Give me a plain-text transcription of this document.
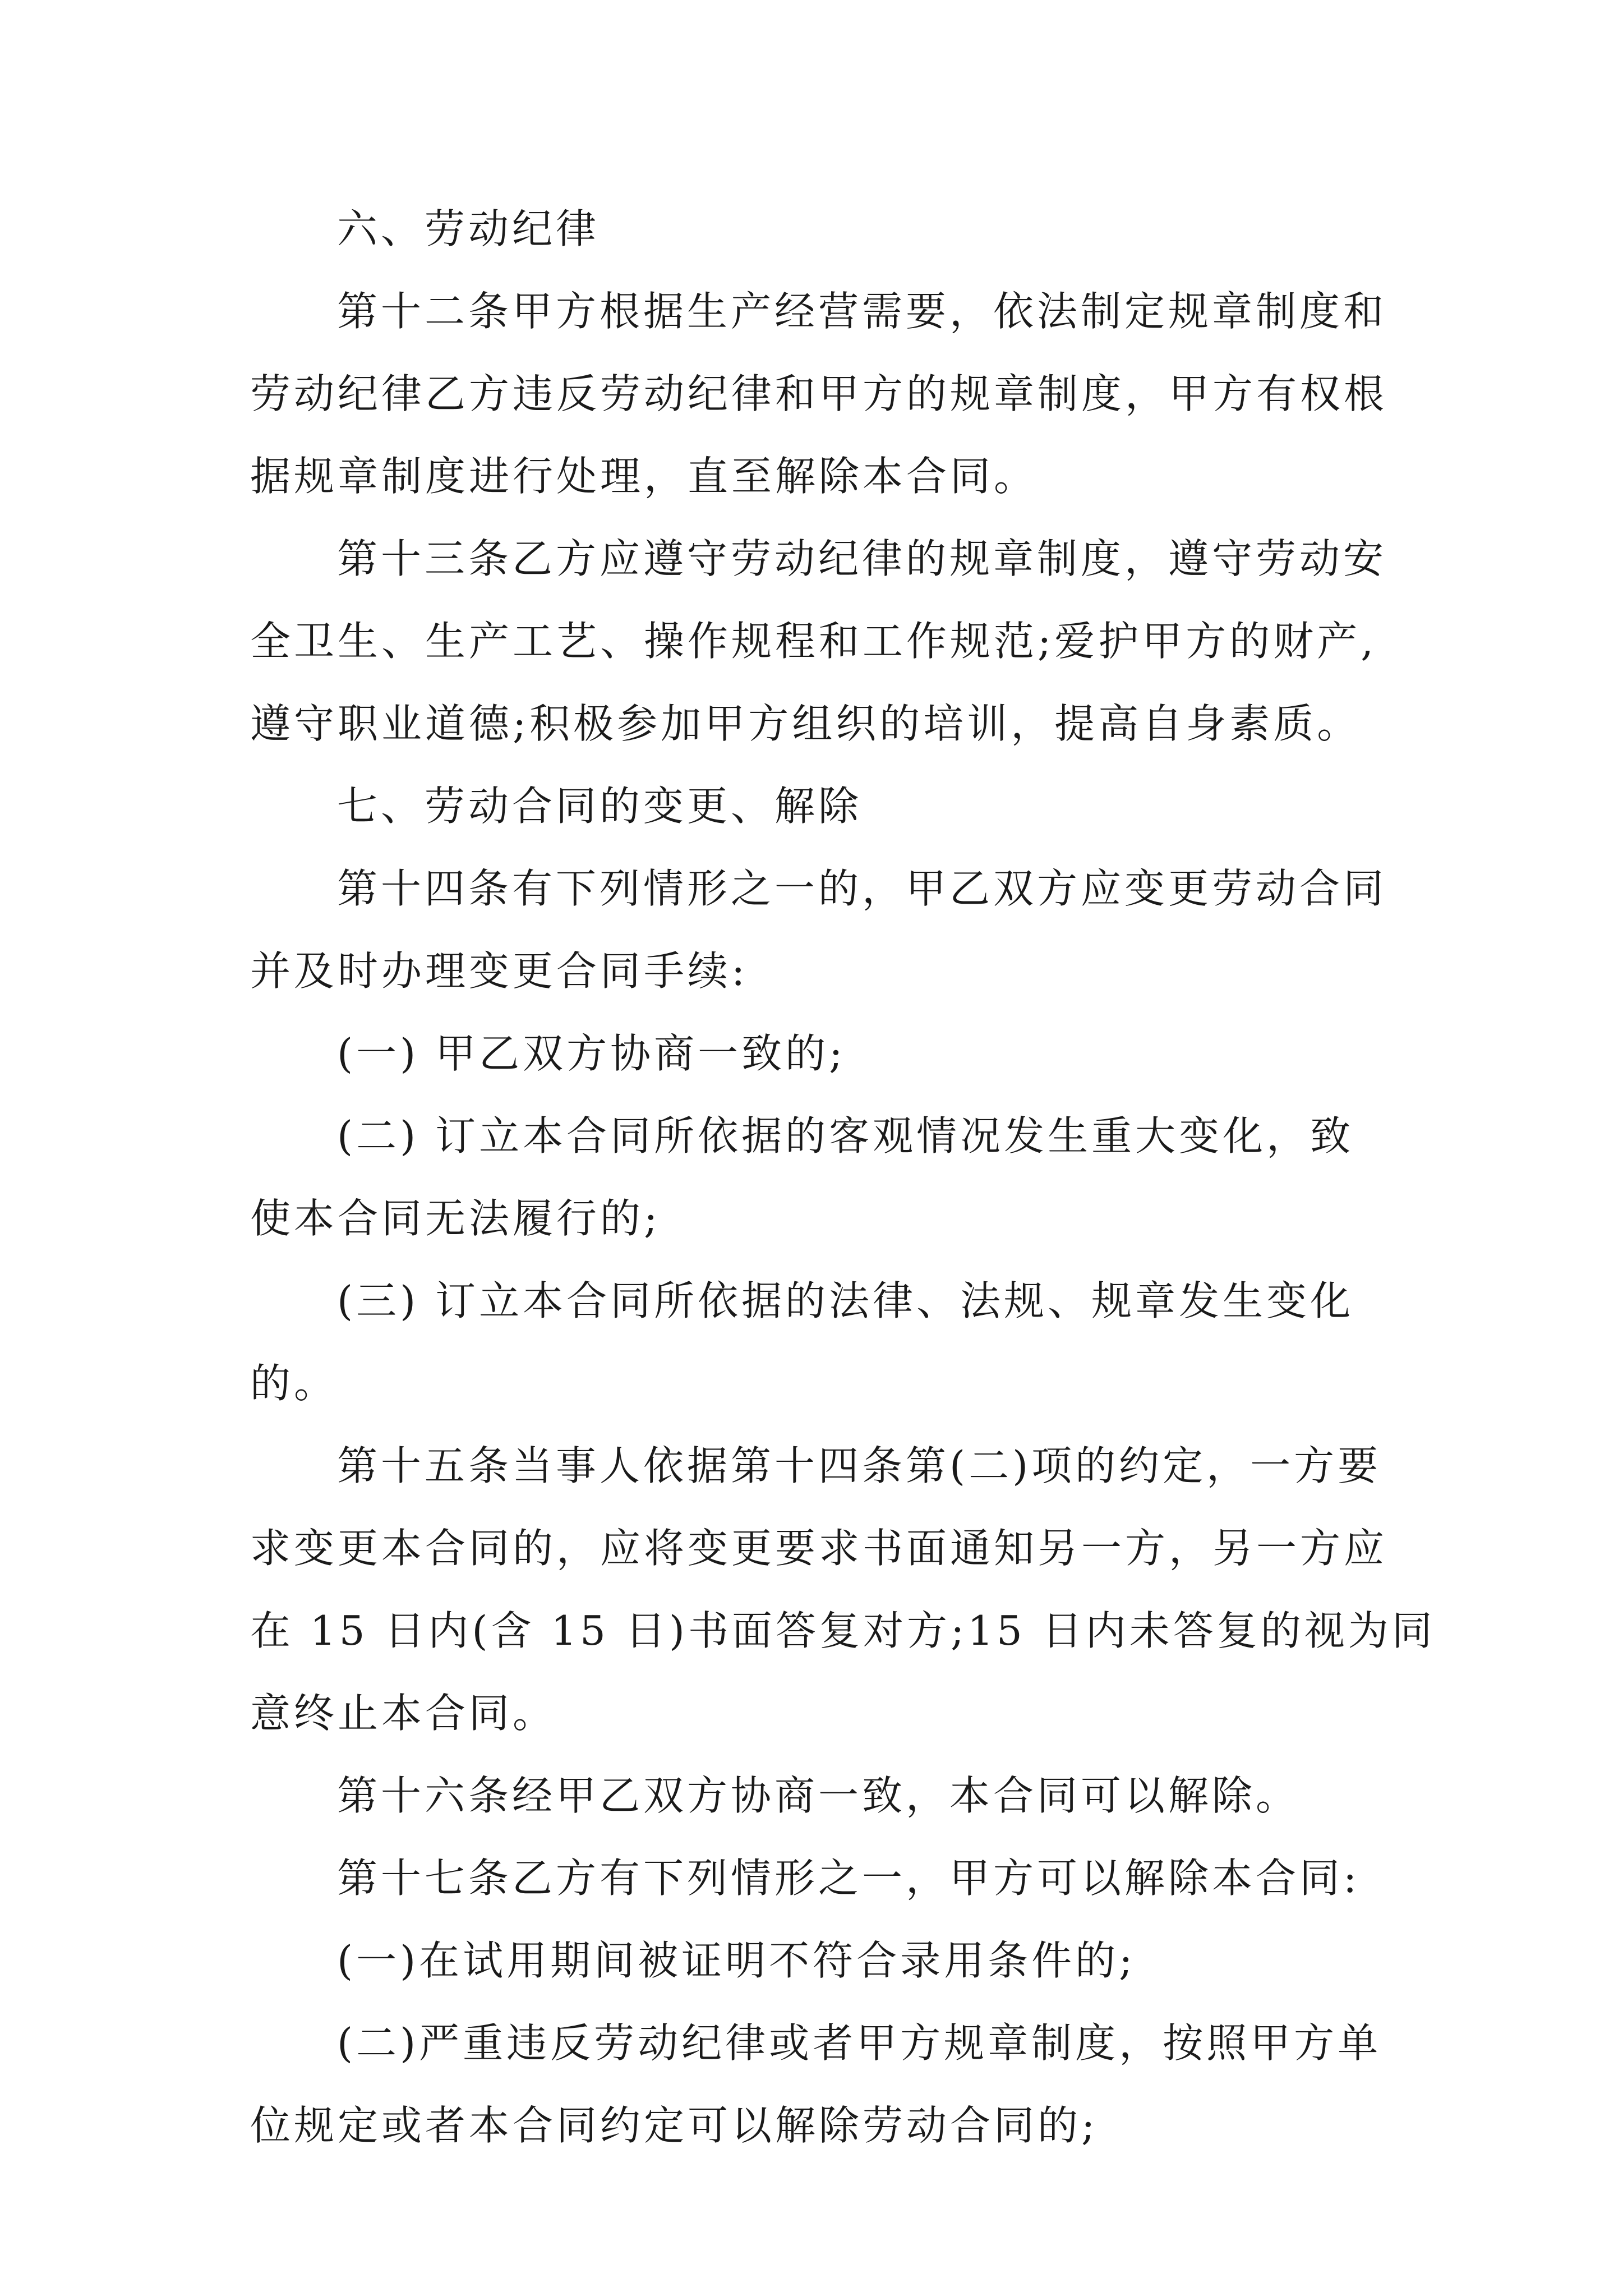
六、劳动纪律
第十二条甲方根据生产经营需要，依法制定规章制度和
劳动纪律乙方违反劳动纪律和甲方的规章制度，甲方有权根
据规章制度进行处理，直至解除本合同。
第十三条乙方应遵守劳动纪律的规章制度，遵守劳动安
全卫生、生产工艺、操作规程和工作规范;爱护甲方的财产,
遵守职业道德;积极参加甲方组织的培训，提高自身素质。
七、劳动合同的变更、解除
第十四条有下列情形之一的，甲乙双方应变更劳动合同
并及时办理变更合同手续:
(一) 甲乙双方协商一致的;
(二) 订立本合同所依据的客观情况发生重大变化，致
使本合同无法履行的;
(三) 订立本合同所依据的法律、法规、规章发生变化
的。
第十五条当事人依据第十四条第(二)项的约定，一方要
求变更本合同的，应将变更要求书面通知另一方，另一方应
在 15 日内(含 15 日)书面答复对方;15 日内未答复的视为同
意终止本合同。
第十六条经甲乙双方协商一致，本合同可以解除。
第十七条乙方有下列情形之一，甲方可以解除本合同:
(一)在试用期间被证明不符合录用条件的;
(二)严重违反劳动纪律或者甲方规章制度，按照甲方单
位规定或者本合同约定可以解除劳动合同的;
